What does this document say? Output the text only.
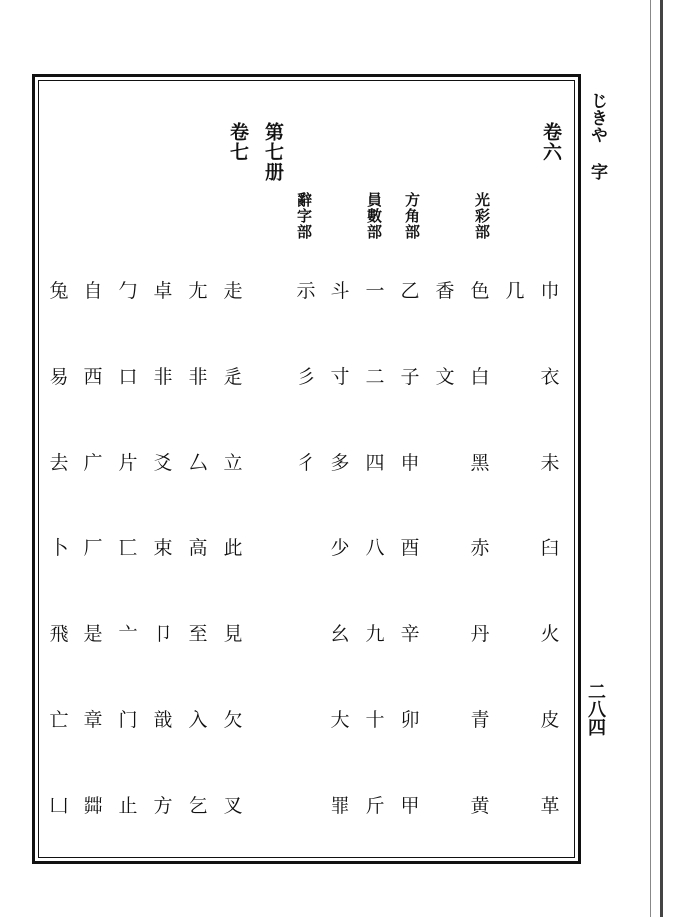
じきや 字
二八四
卷六
光彩部
方角部
員數部
辭字部
第七册
卷七
巾
衣
未
臼
火
皮
革
几
色
白
黑
赤
丹
青
黄
香
文
乙
子
申
酉
辛
卯
甲
一
二
四
八
九
十
斤
斗
寸
多
少
幺
大
罪
示
彡
彳
走
辵
立
此
見
欠
叉
尢
非
厶
高
至
入
乞
卓
非
爻
束
卩
戠
方
勹
口
片
匸
亠
门
止
自
西
广
厂
是
章
茻
兔
易
去
卜
飛
亡
凵
